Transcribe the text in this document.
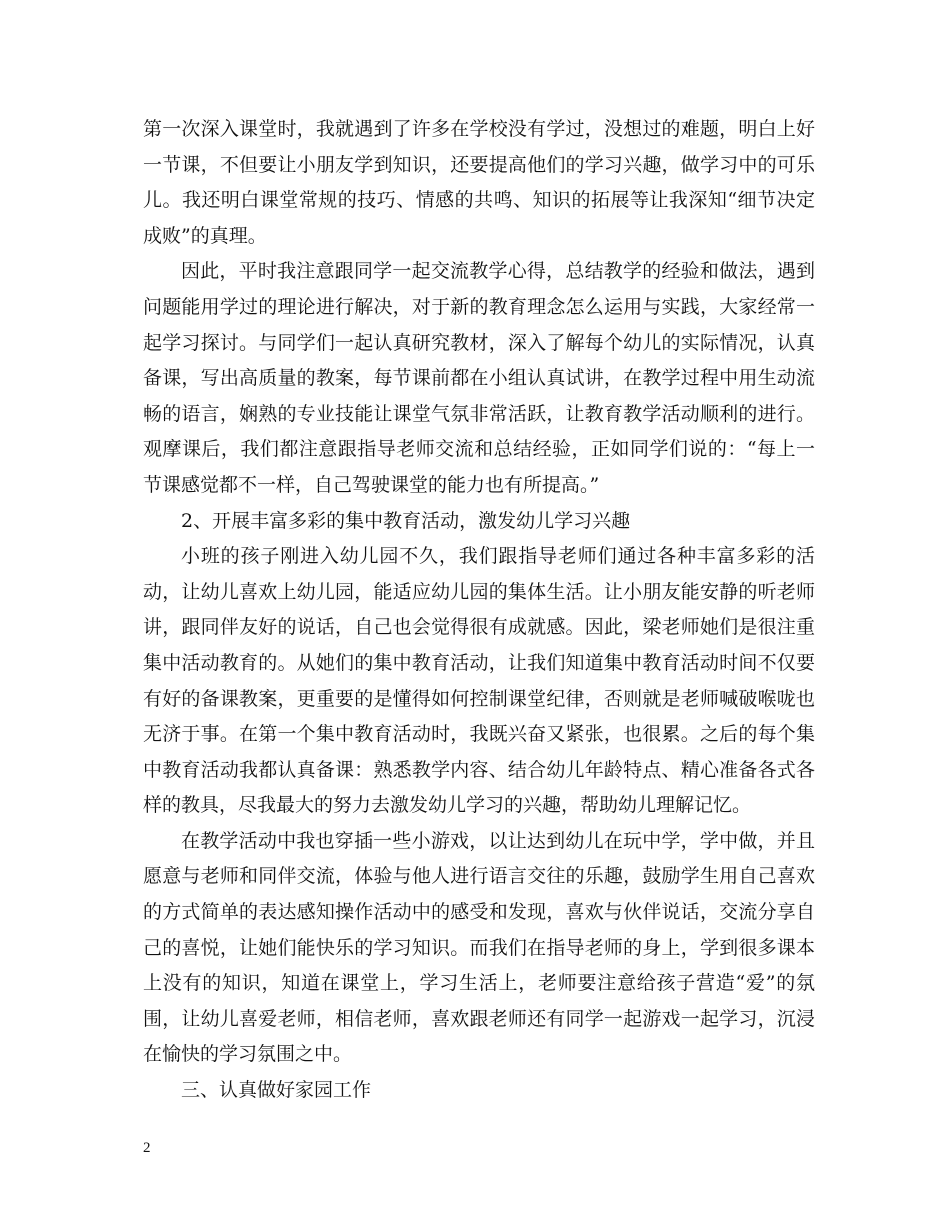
第一次深入课堂时，我就遇到了许多在学校没有学过，没想过的难题，明白上好一节课，不但要让小朋友学到知识，还要提高他们的学习兴趣，做学习中的可乐儿。我还明白课堂常规的技巧、情感的共鸣、知识的拓展等让我深知“细节决定成败”的真理。

因此，平时我注意跟同学一起交流教学心得，总结教学的经验和做法，遇到问题能用学过的理论进行解决，对于新的教育理念怎么运用与实践，大家经常一起学习探讨。与同学们一起认真研究教材，深入了解每个幼儿的实际情况，认真备课，写出高质量的教案，每节课前都在小组认真试讲，在教学过程中用生动流畅的语言，娴熟的专业技能让课堂气氛非常活跃，让教育教学活动顺利的进行。观摩课后，我们都注意跟指导老师交流和总结经验，正如同学们说的：“每上一节课感觉都不一样，自己驾驶课堂的能力也有所提高。”

2、开展丰富多彩的集中教育活动，激发幼儿学习兴趣

小班的孩子刚进入幼儿园不久，我们跟指导老师们通过各种丰富多彩的活动，让幼儿喜欢上幼儿园，能适应幼儿园的集体生活。让小朋友能安静的听老师讲，跟同伴友好的说话，自己也会觉得很有成就感。因此，梁老师她们是很注重集中活动教育的。从她们的集中教育活动，让我们知道集中教育活动时间不仅要有好的备课教案，更重要的是懂得如何控制课堂纪律，否则就是老师喊破喉咙也无济于事。在第一个集中教育活动时，我既兴奋又紧张，也很累。之后的每个集中教育活动我都认真备课：熟悉教学内容、结合幼儿年龄特点、精心准备各式各样的教具，尽我最大的努力去激发幼儿学习的兴趣，帮助幼儿理解记忆。

在教学活动中我也穿插一些小游戏，以让达到幼儿在玩中学，学中做，并且愿意与老师和同伴交流，体验与他人进行语言交往的乐趣，鼓励学生用自己喜欢的方式简单的表达感知操作活动中的感受和发现，喜欢与伙伴说话，交流分享自己的喜悦，让她们能快乐的学习知识。而我们在指导老师的身上，学到很多课本上没有的知识，知道在课堂上，学习生活上，老师要注意给孩子营造“爱”的氛围，让幼儿喜爱老师，相信老师，喜欢跟老师还有同学一起游戏一起学习，沉浸在愉快的学习氛围之中。

三、认真做好家园工作

2
